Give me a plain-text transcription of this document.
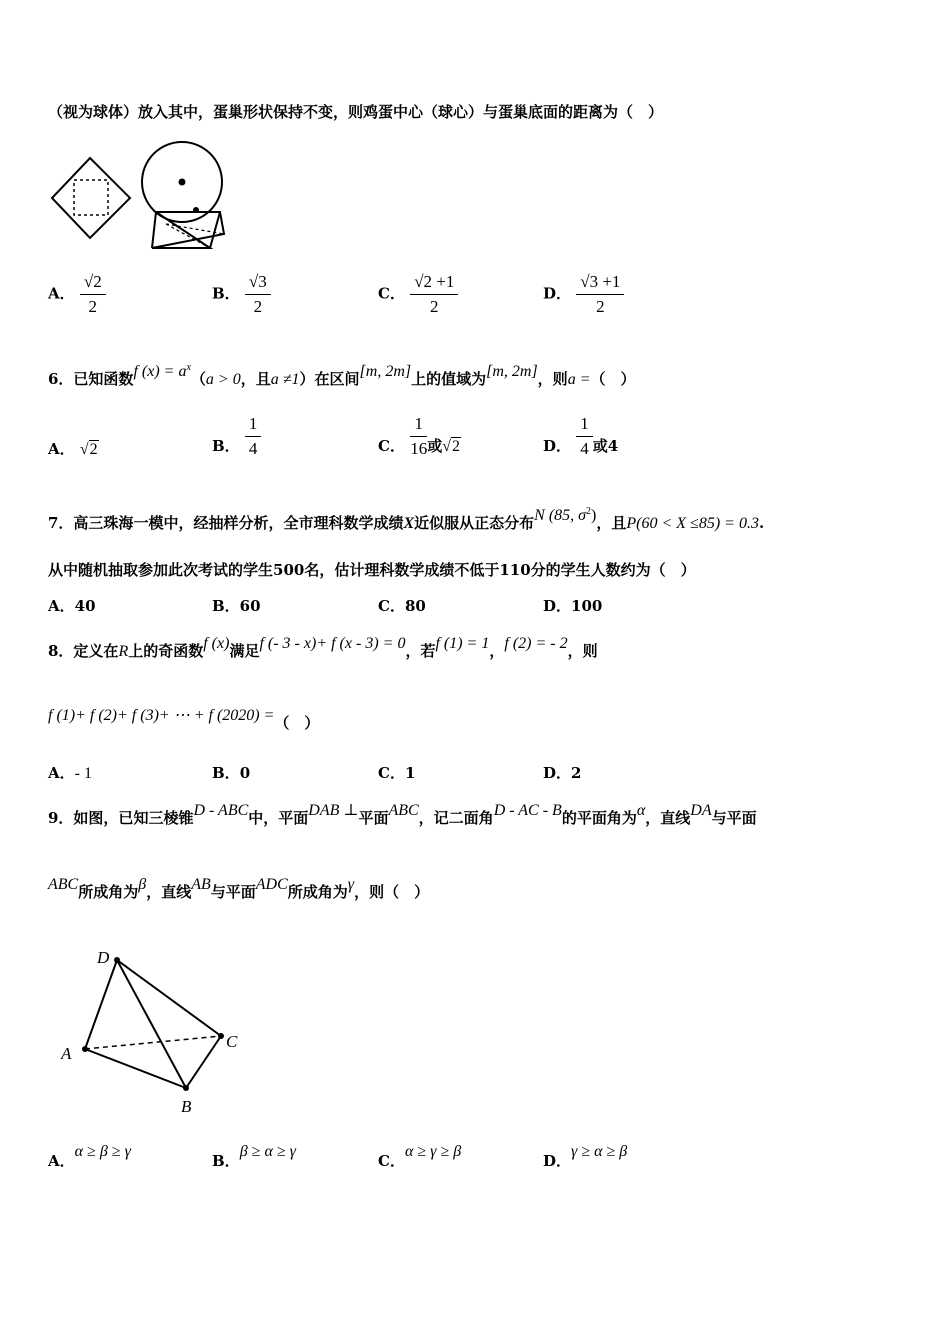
（视为球体）放入其中，蛋巢形状保持不变，则鸡蛋中心（球心）与蛋巢底面的距离为（　）
A． $\frac{√2}{2}$	B． $\frac{√3}{2}$	C． $\frac{√2 +1}{2}$	D． $\frac{√3 +1}{2}$
6．已知函数f $(x) = a^x(a > 0$，且a ≠1）在区间[m, 2m]上的值域为[m, 2m]，则a =（　）
A． √2	B． $\frac{1}{4}$	C． $\frac{1}{16}$ 或√2	D． $\frac{1}{4}$ 或4
7．高三珠海一模中，经抽样分析，全市理科数学成绩X近似服从正态分布N (85, $\sigma^2$)，且P(60 < X ≤85) = 0.3.
从中随机抽取参加此次考试的学生500名，估计理科数学成绩不低于110分的学生人数约为（　）
A．40	B．60	C．80	D．100
8．定义在R上的奇函数f (x)满足f (- 3 - x)+ f (x - 3) = 0，若f (1) = 1，f (2) = - 2，则
f (1)+ f (2)+ f (3)+ ⋯ + f (2020) =（　）
A．- 1	B．0	C．1	D．2
9．如图，已知三棱锥D - ABC中，平面DAB ⊥平面ABC，记二面角D - AC - B的平面角为α，直线DA与平面
ABC所成角为β，直线AB与平面ADC所成角为γ，则（　）
D
A
B
C
A．α ≥ β ≥ γ
B．β ≥ α ≥ γ
C．α ≥ γ ≥ β
D．γ ≥ α ≥ β
